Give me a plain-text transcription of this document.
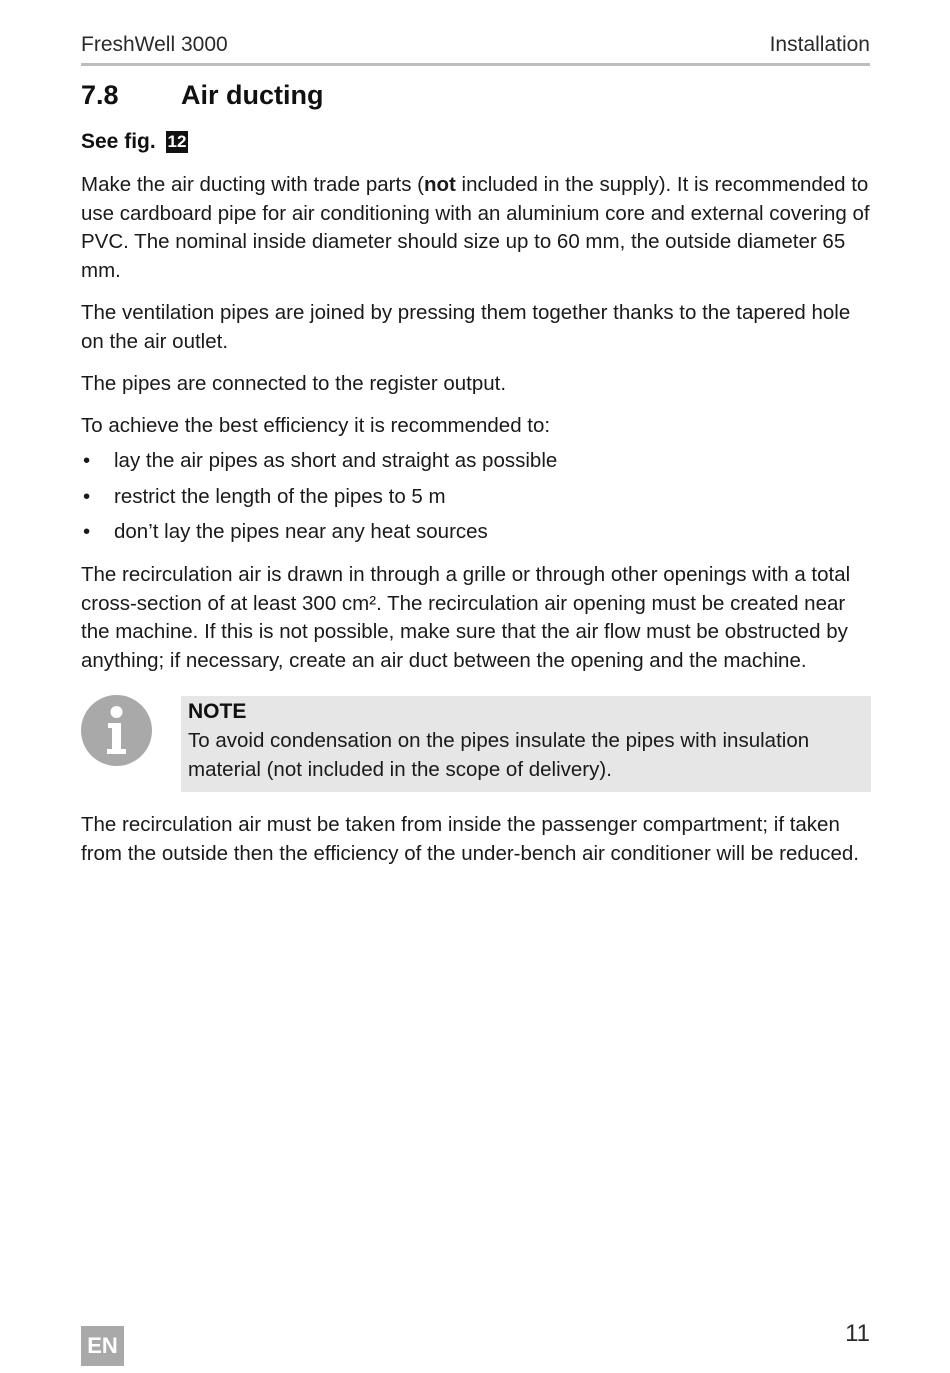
FreshWell 3000	Installation
7.8 Air ducting
See fig. 12
Make the air ducting with trade parts (not included in the supply). It is recommended to use cardboard pipe for air conditioning with an aluminium core and external covering of PVC. The nominal inside diameter should size up to 60 mm, the outside diameter 65 mm.
The ventilation pipes are joined by pressing them together thanks to the tapered hole on the air outlet.
The pipes are connected to the register output.
To achieve the best efficiency it is recommended to:
• lay the air pipes as short and straight as possible
• restrict the length of the pipes to 5 m
• don’t lay the pipes near any heat sources
The recirculation air is drawn in through a grille or through other openings with a total cross-section of at least 300 cm². The recirculation air opening must be created near the machine. If this is not possible, make sure that the air flow must be obstructed by anything; if necessary, create an air duct between the opening and the machine.
NOTE
To avoid condensation on the pipes insulate the pipes with insulation material (not included in the scope of delivery).
The recirculation air must be taken from inside the passenger compartment; if taken from the outside then the efficiency of the under-bench air conditioner will be reduced.
EN	11
